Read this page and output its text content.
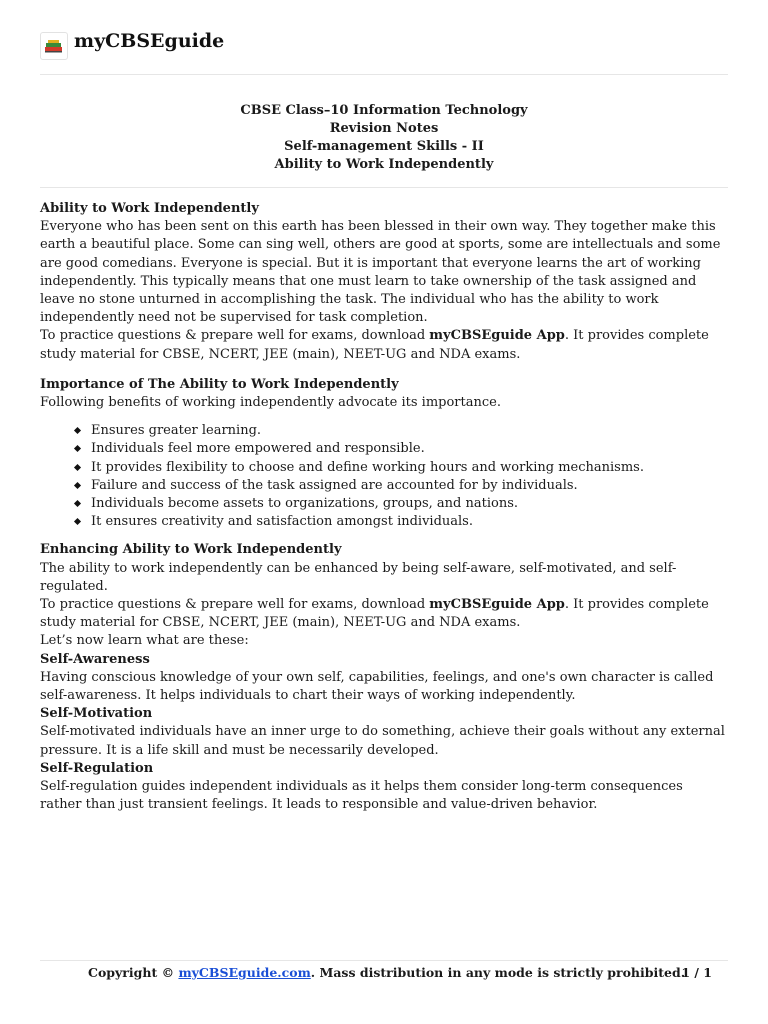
myCBSEguide
CBSE Class–10 Information Technology
Revision Notes
Self-management Skills - II
Ability to Work Independently

Ability to Work Independently

Everyone who has been sent on this earth has been blessed in their own way. They together make this earth a beautiful place. Some can sing well, others are good at sports, some are intellectuals and some are good comedians. Everyone is special. But it is important that everyone learns the art of working independently. This typically means that one must learn to take ownership of the task assigned and leave no stone unturned in accomplishing the task. The individual who has the ability to work independently need not be supervised for task completion.

To practice questions & prepare well for exams, download myCBSEguide App. It provides complete study material for CBSE, NCERT, JEE (main), NEET-UG and NDA exams.

Importance of The Ability to Work Independently

Following benefits of working independently advocate its importance.

Ensures greater learning.
Individuals feel more empowered and responsible.
It provides flexibility to choose and define working hours and working mechanisms.
Failure and success of the task assigned are accounted for by individuals.
Individuals become assets to organizations, groups, and nations.
It ensures creativity and satisfaction amongst individuals.

Enhancing Ability to Work Independently

The ability to work independently can be enhanced by being self-aware, self-motivated, and self-regulated.

To practice questions & prepare well for exams, download myCBSEguide App. It provides complete study material for CBSE, NCERT, JEE (main), NEET-UG and NDA exams.

Let’s now learn what are these:

Self-Awareness

Having conscious knowledge of your own self, capabilities, feelings, and one's own character is called self-awareness. It helps individuals to chart their ways of working independently.

Self-Motivation

Self-motivated individuals have an inner urge to do something, achieve their goals without any external pressure. It is a life skill and must be necessarily developed.

Self-Regulation

Self-regulation guides independent individuals as it helps them consider long-term consequences rather than just transient feelings. It leads to responsible and value-driven behavior.

Copyright © myCBSEguide.com. Mass distribution in any mode is strictly prohibited.
1 / 1
